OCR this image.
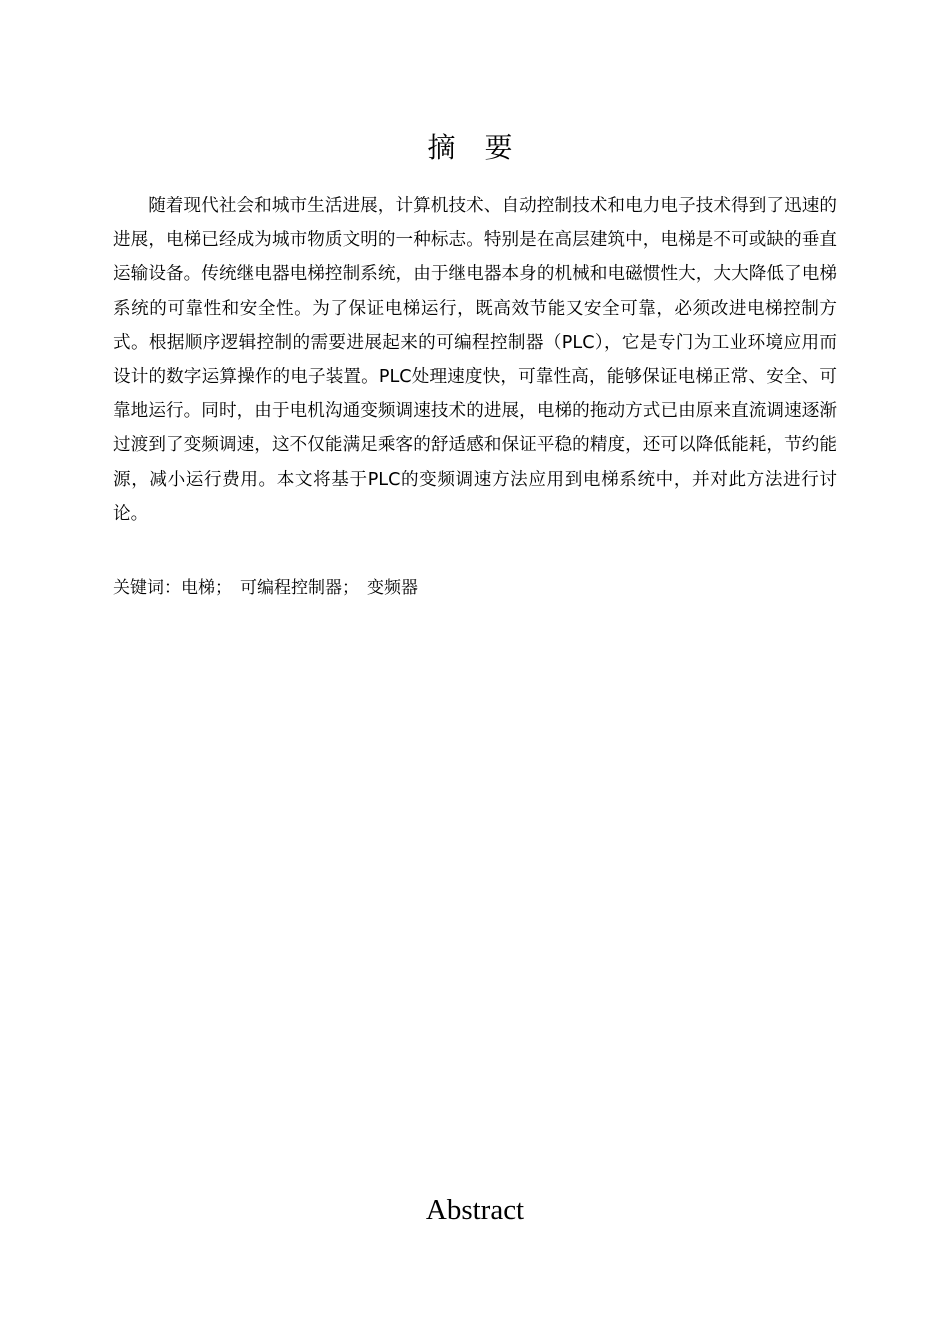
摘 要

随着现代社会和城市生活进展，计算机技术、自动控制技术和电力电子技术得到了迅速的进展，电梯已经成为城市物质文明的一种标志。特别是在高层建筑中，电梯是不可或缺的垂直运输设备。传统继电器电梯控制系统，由于继电器本身的机械和电磁惯性大，大大降低了电梯系统的可靠性和安全性。为了保证电梯运行，既高效节能又安全可靠，必须改进电梯控制方式。根据顺序逻辑控制的需要进展起来的可编程控制器（PLC），它是专门为工业环境应用而设计的数字运算操作的电子装置。PLC处理速度快，可靠性高，能够保证电梯正常、安全、可靠地运行。同时，由于电机沟通变频调速技术的进展，电梯的拖动方式已由原来直流调速逐渐过渡到了变频调速，这不仅能满足乘客的舒适感和保证平稳的精度，还可以降低能耗，节约能源，减小运行费用。本文将基于PLC的变频调速方法应用到电梯系统中，并对此方法进行讨论。

关键词：电梯； 可编程控制器； 变频器
Abstract
